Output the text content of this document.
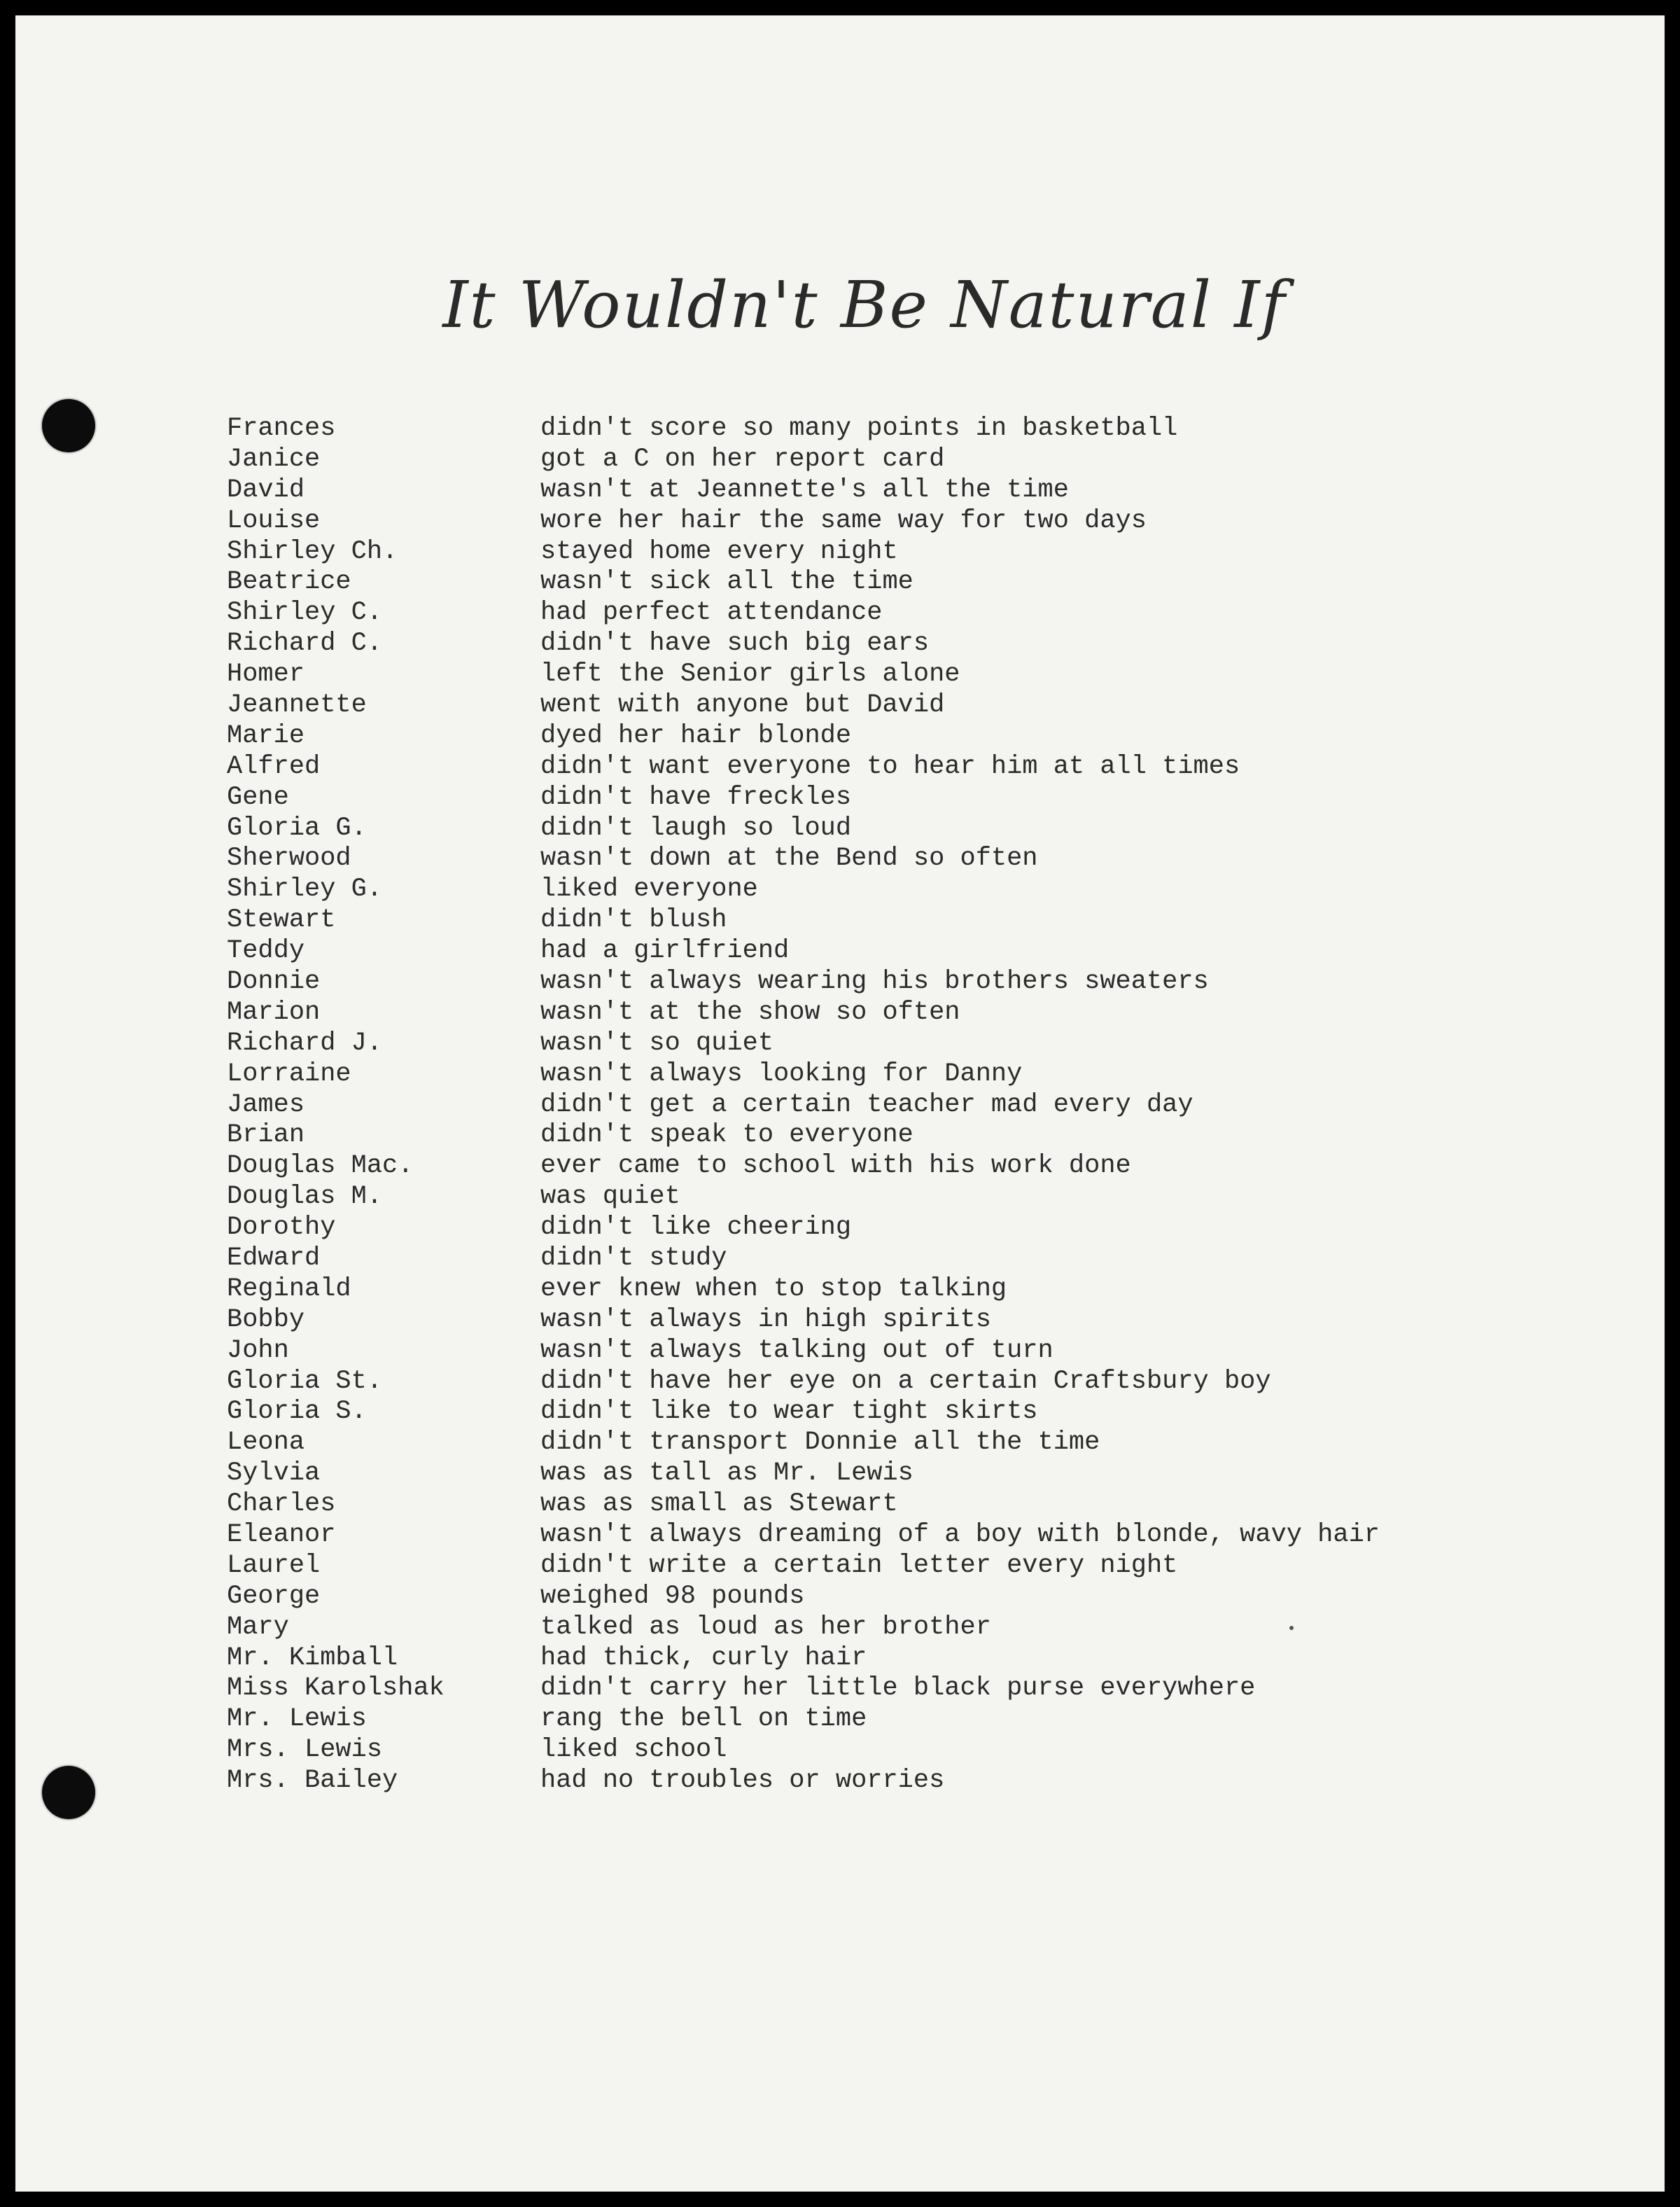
It Wouldn't Be Natural If
Frances	didn't score so many points in basketball
Janice	got a C on her report card
David	wasn't at Jeannette's all the time
Louise	wore her hair the same way for two days
Shirley Ch.	stayed home every night
Beatrice	wasn't sick all the time
Shirley C.	had perfect attendance
Richard C.	didn't have such big ears
Homer	left the Senior girls alone
Jeannette	went with anyone but David
Marie	dyed her hair blonde
Alfred	didn't want everyone to hear him at all times
Gene	didn't have freckles
Gloria G.	didn't laugh so loud
Sherwood	wasn't down at the Bend so often
Shirley G.	liked everyone
Stewart	didn't blush
Teddy	had a girlfriend
Donnie	wasn't always wearing his brothers sweaters
Marion	wasn't at the show so often
Richard J.	wasn't so quiet
Lorraine	wasn't always looking for Danny
James	didn't get a certain teacher mad every day
Brian	didn't speak to everyone
Douglas Mac.	ever came to school with his work done
Douglas M.	was quiet
Dorothy	didn't like cheering
Edward	didn't study
Reginald	ever knew when to stop talking
Bobby	wasn't always in high spirits
John	wasn't always talking out of turn
Gloria St.	didn't have her eye on a certain Craftsbury boy
Gloria S.	didn't like to wear tight skirts
Leona	didn't transport Donnie all the time
Sylvia	was as tall as Mr. Lewis
Charles	was as small as Stewart
Eleanor	wasn't always dreaming of a boy with blonde, wavy hair
Laurel	didn't write a certain letter every night
George	weighed 98 pounds
Mary	talked as loud as her brother
Mr. Kimball	had thick, curly hair
Miss Karolshak	didn't carry her little black purse everywhere
Mr. Lewis	rang the bell on time
Mrs. Lewis	liked school
Mrs. Bailey	had no troubles or worries
